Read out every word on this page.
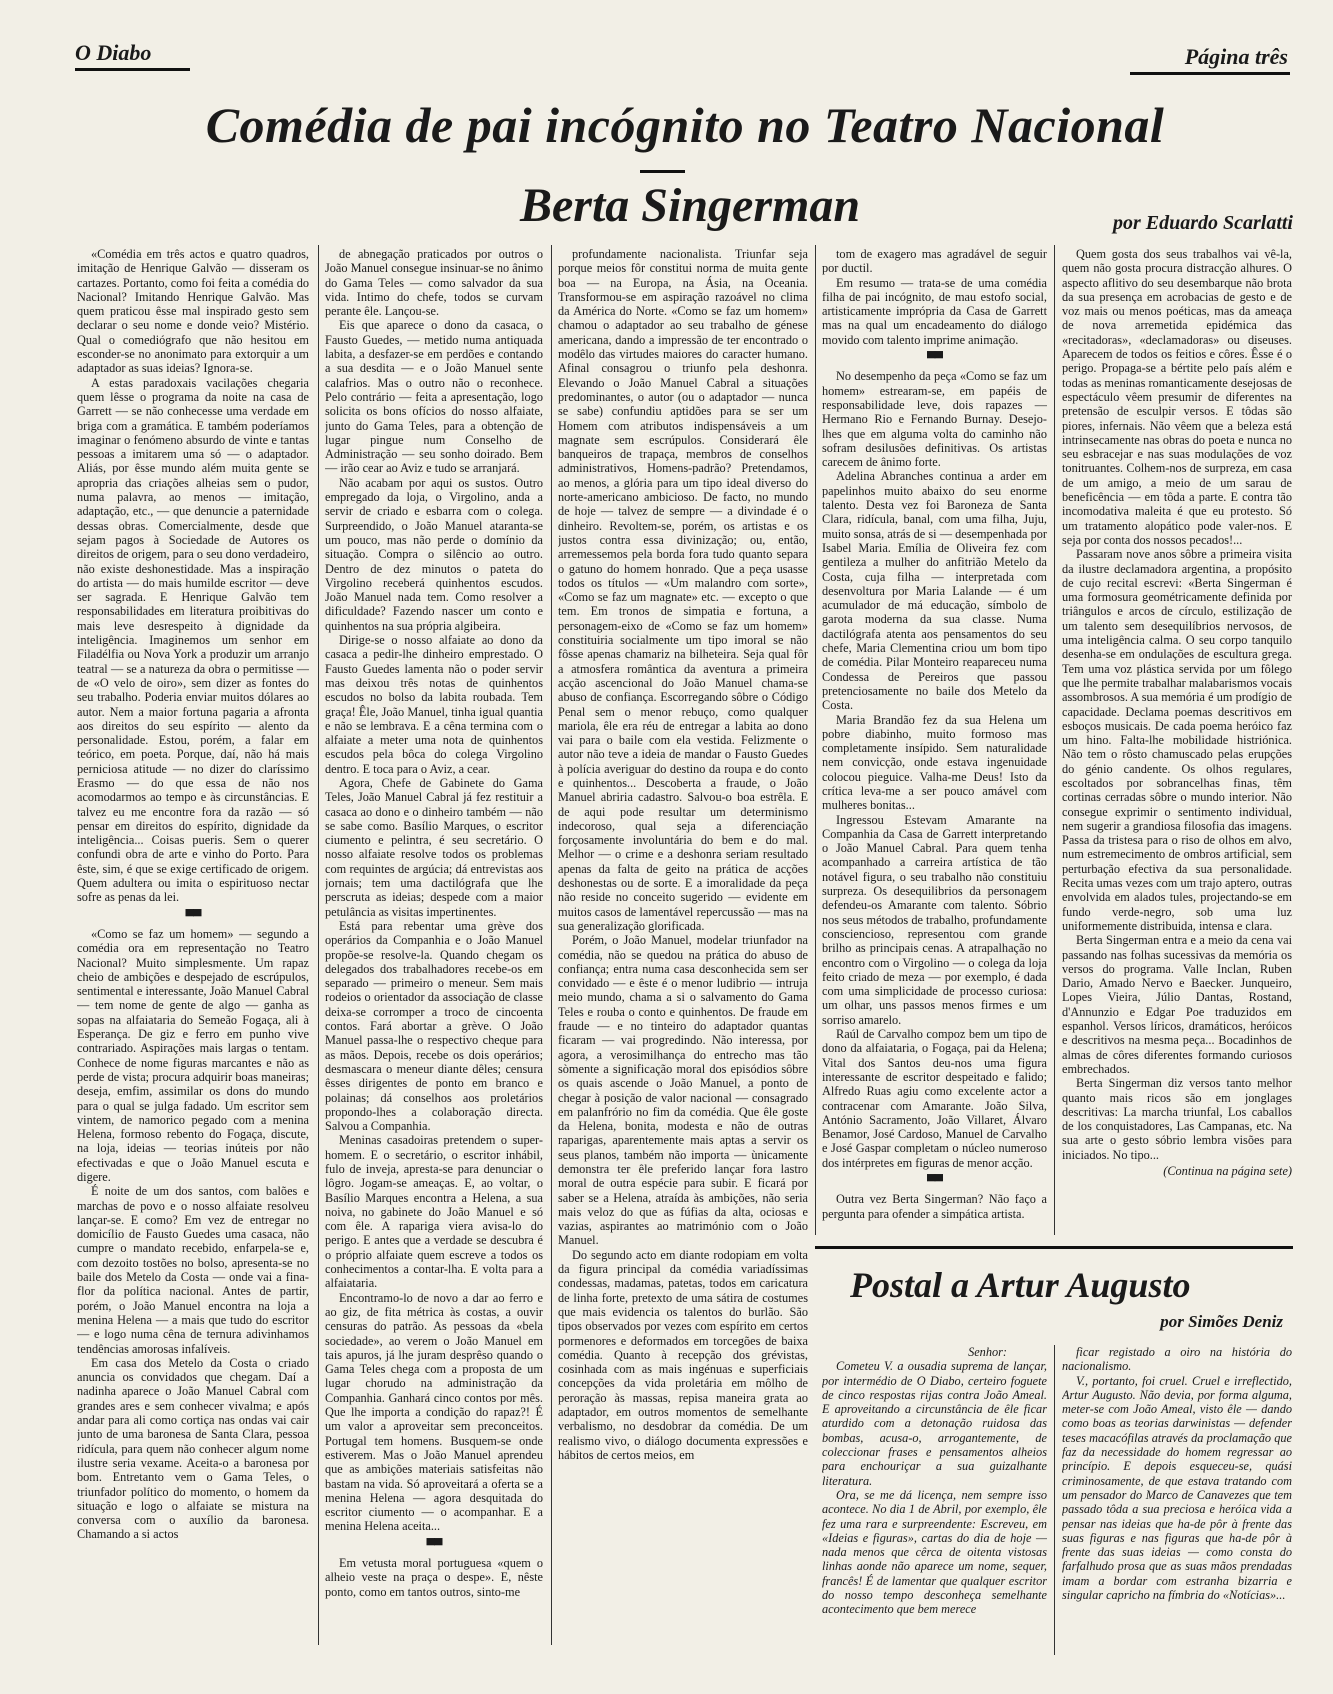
O Diabo	Página três
Comédia de pai incógnito no Teatro Nacional
Berta Singerman	por Eduardo Scarlatti

«Comédia em três actos e quatro quadros, imitação de Henrique Galvão — disseram os cartazes. Portanto, como foi feita a comédia do Nacional? Imitando Henrique Galvão. Mas quem praticou êsse mal inspirado gesto sem declarar o seu nome e donde veio? Mistério. Qual o comediógrafo que não hesitou em esconder-se no anonimato para extorquir a um adaptador as suas ideias? Ignora-se.

A estas paradoxais vacilações chegaria quem lêsse o programa da noite na casa de Garrett — se não conhecesse uma verdade em briga com a gramática. E também poderíamos imaginar o fenómeno absurdo de vinte e tantas pessoas a imitarem uma só — o adaptador. Aliás, por êsse mundo além muita gente se apropria das criações alheias sem o pudor, numa palavra, ao menos — imitação, adaptação, etc., — que denuncie a paternidade dessas obras. Comercialmente, desde que sejam pagos à Sociedade de Autores os direitos de origem, para o seu dono verdadeiro, não existe deshonestidade. Mas a inspiração do artista — do mais humilde escritor — deve ser sagrada. E Henrique Galvão tem responsabilidades em literatura proibitivas do mais leve desrespeito à dignidade da inteligência. Imaginemos um senhor em Filadélfia ou Nova York a produzir um arranjo teatral — se a natureza da obra o permitisse — de «O velo de oiro», sem dizer as fontes do seu trabalho. Poderia enviar muitos dólares ao autor. Nem a maior fortuna pagaria a afronta aos direitos do seu espírito — alento da personalidade. Estou, porém, a falar em teórico, em poeta. Porque, daí, não há mais perniciosa atitude — no dizer do claríssimo Erasmo — do que essa de não nos acomodarmos ao tempo e às circunstâncias. E talvez eu me encontre fora da razão — só pensar em direitos do espírito, dignidade da inteligência... Coisas pueris. Sem o querer confundi obra de arte e vinho do Porto. Para êste, sim, é que se exige certificado de origem. Quem adultera ou imita o espirituoso nectar sofre as penas da lei.

▀▀

«Como se faz um homem» — segundo a comédia ora em representação no Teatro Nacional? Muito simplesmente. Um rapaz cheio de ambições e despejado de escrúpulos, sentimental e interessante, João Manuel Cabral — tem nome de gente de algo — ganha as sopas na alfaiataria do Semeão Fogaça, ali à Esperança. De giz e ferro em punho vive contrariado. Aspirações mais largas o tentam. Conhece de nome figuras marcantes e não as perde de vista; procura adquirir boas maneiras; deseja, emfim, assimilar os dons do mundo para o qual se julga fadado. Um escritor sem vintem, de namorico pegado com a menina Helena, formoso rebento do Fogaça, discute, na loja, ideias — teorias inúteis por não efectivadas e que o João Manuel escuta e digere.

É noite de um dos santos, com balões e marchas de povo e o nosso alfaiate resolveu lançar-se. E como? Em vez de entregar no domicílio de Fausto Guedes uma casaca, não cumpre o mandato recebido, enfarpela-se e, com dezoito tostões no bolso, apresenta-se no baile dos Metelo da Costa — onde vai a fina-flor da política nacional. Antes de partir, porém, o João Manuel encontra na loja a menina Helena — a mais que tudo do escritor — e logo numa cêna de ternura adivinhamos tendências amorosas infalíveis.

Em casa dos Metelo da Costa o criado anuncia os convidados que chegam. Daí a nadinha aparece o João Manuel Cabral com grandes ares e sem conhecer vivalma; e após andar para ali como cortiça nas ondas vai cair junto de uma baronesa de Santa Clara, pessoa ridícula, para quem não conhecer algum nome ilustre seria vexame. Aceita-o a baronesa por bom. Entretanto vem o Gama Teles, o triunfador político do momento, o homem da situação e logo o alfaiate se mistura na conversa com o auxílio da baronesa. Chamando a si actos

de abnegação praticados por outros o João Manuel consegue insinuar-se no ânimo do Gama Teles — como salvador da sua vida. Intimo do chefe, todos se curvam perante êle. Lançou-se.

Eis que aparece o dono da casaca, o Fausto Guedes, — metido numa antiquada labita, a desfazer-se em perdões e contando a sua desdita — e o João Manuel sente calafrios. Mas o outro não o reconhece. Pelo contrário — feita a apresentação, logo solicita os bons ofícios do nosso alfaiate, junto do Gama Teles, para a obtenção de lugar pingue num Conselho de Administração — seu sonho doirado. Bem — irão cear ao Aviz e tudo se arranjará.

Não acabam por aqui os sustos. Outro empregado da loja, o Virgolino, anda a servir de criado e esbarra com o colega. Surpreendido, o João Manuel atarantа-se um pouco, mas não perde o domínio da situação. Compra o silêncio ao outro. Dentro de dez minutos o pateta do Virgolino receberá quinhentos escudos. João Manuel nada tem. Como resolver a dificuldade? Fazendo nascer um conto e quinhentos na sua própria algibeira.

Dirige-se o nosso alfaiate ao dono da casaca a pedir-lhe dinheiro emprestado. O Fausto Guedes lamenta não o poder servir mas deixou três notas de quinhentos escudos no bolso da labita roubada. Tem graça! Êle, João Manuel, tinha igual quantia e não se lembrava. E a cêna termina com o alfaiate a meter uma nota de quinhentos escudos pela bôca do colega Virgolino dentro. E toca para o Aviz, a cear.

Agora, Chefe de Gabinete do Gama Teles, João Manuel Cabral já fez restituir a casaca ao dono e o dinheiro também — não se sabe como. Basílio Marques, o escritor ciumento e pelintra, é seu secretário. O nosso alfaiate resolve todos os problemas com requintes de argúcia; dá entrevistas aos jornais; tem uma dactilógrafa que lhe perscruta as ideias; despede com a maior petulância as visitas impertinentes.

Está para rebentar uma grève dos operários da Companhia e o João Manuel propõe-se resolve-la. Quando chegam os delegados dos trabalhadores recebe-os em separado — primeiro o meneur. Sem mais rodeios o orientador da associação de classe deixa-se corromper a troco de cincoenta contos. Fará abortar a grève. O João Manuel passa-lhe o respectivo cheque para as mãos. Depois, recebe os dois operários; desmascara o meneur diante dêles; censura êsses dirigentes de ponto em branco e polainas; dá conselhos aos proletários propondo-lhes a colaboração directa. Salvou a Companhia.

Meninas casadoiras pretendem o super-homem. E o secretário, o escritor inhábil, fulo de inveja, apresta-se para denunciar o lôgro. Jogam-se ameaças. E, ao voltar, o Basílio Marques encontra a Helena, a sua noiva, no gabinete do João Manuel e só com êle. A rapariga viera avisa-lo do perigo. E antes que a verdade se descubra é o próprio alfaiate quem escreve a todos os conhecimentos a contar-lha. E volta para a alfaiataria.

Encontramo-lo de novo a dar ao ferro e ao giz, de fita métrica às costas, a ouvir censuras do patrão. As pessoas da «bela sociedade», ao verem o João Manuel em tais apuros, já lhe juram desprêso quando o Gama Teles chega com a proposta de um lugar chorudo na administração da Companhia. Ganhará cinco contos por mês. Que lhe importa a condição do rapaz?! É um valor a aproveitar sem preconceitos. Portugal tem homens. Busquem-se onde estiverem. Mas o João Manuel aprendeu que as ambições materiais satisfeitas não bastam na vida. Só aproveitará a oferta se a menina Helena — agora desquitada do escritor ciumento — o acompanhar. E a menina Helena aceita...

▀▀

Em vetusta moral portuguesa «quem o alheio veste na praça o despe». E, nêste ponto, como em tantos outros, sinto-me

profundamente nacionalista. Triunfar seja porque meios fôr constitui norma de muita gente boa — na Europa, na Ásia, na Oceania. Transformou-se em aspiração razoável no clima da América do Norte. «Como se faz um homem» chamou o adaptador ao seu trabalho de génese americana, dando a impressão de ter encontrado o modêlo das virtudes maiores do caracter humano. Afinal consagrou o triunfo pela deshonra. Elevando o João Manuel Cabral a situações predominantes, o autor (ou o adaptador — nunca se sabe) confundiu aptidões para se ser um Homem com atributos indispensáveis a um magnate sem escrúpulos. Considerará êle banqueiros de trapaça, membros de conselhos administrativos, Homens-padrão? Pretendamos, ao menos, a glória para um tipo ideal diverso do norte-americano ambicioso. De facto, no mundo de hoje — talvez de sempre — a divindade é o dinheiro. Revoltem-se, porém, os artistas e os justos contra essa divinização; ou, então, arremessemos pela borda fora tudo quanto separa o gatuno do homem honrado. Que a peça usasse todos os títulos — «Um malandro com sorte», «Como se faz um magnate» etc. — excepto o que tem. Em tronos de simpatia e fortuna, a personagem-eixo de «Como se faz um homem» constituiria socialmente um tipo imoral se não fôsse apenas chamariz na bilheteira. Seja qual fôr a atmosfera romântica da aventura a primeira acção ascencional do João Manuel chama-se abuso de confiança. Escorregando sôbre o Código Penal sem o menor rebuço, como qualquer mariola, êle era réu de entregar a labita ao dono vai para o baile com ela vestida. Felizmente o autor não teve a ideia de mandar o Fausto Guedes à polícia averiguar do destino da roupa e do conto e quinhentos... Descoberta a fraude, o João Manuel abriria cadastro. Salvou-o boa estrêla. E de aqui pode resultar um determinismo indecoroso, qual seja a diferenciação forçosamente involuntária do bem e do mal. Melhor — o crime e a deshonra seriam resultado apenas da falta de geito na prática de acções deshonestas ou de sorte. E a imoralidade da peça não reside no conceito sugerido — evidente em muitos casos de lamentável repercussão — mas na sua generalização glorificada.

Porém, o João Manuel, modelar triunfador na comédia, não se quedou na prática do abuso de confiança; entra numa casa desconhecida sem ser convidado — e êste é o menor ludibrio — intruja meio mundo, chama a si o salvamento do Gama Teles e rouba o conto e quinhentos. De fraude em fraude — e no tinteiro do adaptador quantas ficaram — vai progredindo. Não interessa, por agora, a verosimilhança do entrecho mas tão sòmente a significação moral dos episódios sôbre os quais ascende o João Manuel, a ponto de chegar à posição de valor nacional — consagrado em palanfrório no fim da comédia. Que êle goste da Helena, bonita, modesta e não de outras raparigas, aparentemente mais aptas a servir os seus planos, também não importa — ùnicamente demonstra ter êle preferido lançar fora lastro moral de outra espécie para subir. E ficará por saber se a Helena, atraída às ambições, não seria mais veloz do que as fúfias da alta, ociosas e vazias, aspirantes ao matrimónio com o João Manuel.

Do segundo acto em diante rodopiam em volta da figura principal da comédia variadíssimas condessas, madamas, patetas, todos em caricatura de linha forte, pretexto de uma sátira de costumes que mais evidencia os talentos do burlão. São tipos observados por vezes com espírito em certos pormenores e deformados em torcegões de baixa comédia. Quanto à recepção dos grévistas, cosinhada com as mais ingénuas e superficiais concepções da vida proletária em môlho de peroração às massas, repisa maneira grata ao adaptador, em outros momentos de semelhante verbalismo, no desdobrar da comédia. De um realismo vivo, o diálogo documenta expressões e hábitos de certos meios, em

tom de exagero mas agradável de seguir por ductil.

Em resumo — trata-se de uma comédia filha de pai incógnito, de mau estofo social, artisticamente imprópria da Casa de Garrett mas na qual um encadeamento do diálogo movido com talento imprime animação.

▀▀

No desempenho da peça «Como se faz um homem» estrearam-se, em papéis de responsabilidade leve, dois rapazes — Hermano Rio e Fernando Burnay. Desejo-lhes que em alguma volta do caminho não sofram desilusões definitivas. Os artistas carecem de ânimo forte.

Adelina Abranches continua a arder em papelinhos muito abaixo do seu enorme talento. Desta vez foi Baroneza de Santa Clara, ridícula, banal, com uma filha, Juju, muito sonsa, atrás de si — desempenhada por Isabel Maria. Emília de Oliveira fez com gentileza a mulher do anfitrião Metelo da Costa, cuja filha — interpretada com desenvoltura por Maria Lalande — é um acumulador de má educação, símbolo de garota moderna da sua classe. Numa dactilógrafa atenta aos pensamentos do seu chefe, Maria Clementina criou um bom tipo de comédia. Pilar Monteiro reapareceu numa Condessa de Pereiros que passou pretenciosamente no baile dos Metelo da Costa.

Maria Brandão fez da sua Helena um pobre diabinho, muito formoso mas completamente insípido. Sem naturalidade nem convicção, onde estava ingenuidade colocou pieguice. Valha-me Deus! Isto da crítica leva-me a ser pouco amável com mulheres bonitas...

Ingressou Estevam Amarante na Companhia da Casa de Garrett interpretando o João Manuel Cabral. Para quem tenha acompanhado a carreira artística de tão notável figura, o seu trabalho não constituiu surpreza. Os desequilibrios da personagem defendeu-os Amarante com talento. Sóbrio nos seus métodos de trabalho, profundamente consciencioso, representou com grande brilho as principais cenas. A atrapalhação no encontro com o Virgolino — o colega da loja feito criado de meza — por exemplo, é dada com uma simplicidade de processo curiosa: um olhar, uns passos menos firmes e um sorriso amarelo.

Raúl de Carvalho compoz bem um tipo de dono da alfaiataria, o Fogaça, pai da Helena; Vital dos Santos deu-nos uma figura interessante de escritor despeitado e falido; Alfredo Ruas agiu como excelente actor a contracenar com Amarante. João Silva, António Sacramento, João Villaret, Álvaro Benamor, José Cardoso, Manuel de Carvalho e José Gaspar completam o núcleo numeroso dos intérpretes em figuras de menor acção.

▀▀

Outra vez Berta Singerman? Não faço a pergunta para ofender a simpática artista.

Quem gosta dos seus trabalhos vai vê-la, quem não gosta procura distracção alhures. O aspecto aflitivo do seu desembarque não brota da sua presença em acrobacias de gesto e de voz mais ou menos poéticas, mas da ameaça de nova arremetida epidémica das «recitadoras», «declamadoras» ou diseuses. Aparecem de todos os feitios e côres. Êsse é o perigo. Propaga-se a bértite pelo país além e todas as meninas romanticamente desejosas de espectáculo vêem presumir de diferentes na pretensão de esculpir versos. E tôdas são piores, infernais. Não vêem que a beleza está intrinsecamente nas obras do poeta e nunca no seu esbracejar e nas suas modulações de voz tonitruantes. Colhem-nos de surpreza, em casa de um amigo, a meio de um sarau de beneficência — em tôda a parte. E contra tão incomodativa maleita é que eu protesto. Só um tratamento alopático pode valer-nos. E seja por conta dos nossos pecados!...

Passaram nove anos sôbre a primeira visita da ilustre declamadora argentina, a propósito de cujo recital escrevi: «Berta Singerman é uma formosura geométricamente definida por triângulos e arcos de círculo, estilização de um talento sem desequilíbrios nervosos, de uma inteligência calma. O seu corpo tanquilo desenha-se em ondulações de escultura grega. Tem uma voz plástica servida por um fôlego que lhe permite trabalhar malabarismos vocais assombrosos. A sua memória é um prodígio de capacidade. Declama poemas descritivos em esboços musicais. De cada poema heróico faz um hino. Falta-lhe mobilidade histriónica. Não tem o rôsto chamuscado pelas erupções do génio candente. Os olhos regulares, escoltados por sobrancelhas finas, têm cortinas cerradas sôbre o mundo interior. Não consegue exprimir o sentimento individual, nem sugerir a grandiosa filosofia das imagens. Passa da tristesa para o riso de olhos em alvo, num estremecimento de ombros artificial, sem perturbação efectiva da sua personalidade. Recita umas vezes com um trajo aptero, outras envolvida em alados tules, projectando-se em fundo verde-negro, sob uma luz uniformemente distribuida, intensa e clara.

Berta Singerman entra e a meio da cena vai passando nas folhas sucessivas da memória os versos do programa. Valle Inclan, Ruben Dario, Amado Nervo e Baecker. Junqueiro, Lopes Vieira, Júlio Dantas, Rostand, d'Annunzio e Edgar Poe traduzidos em espanhol. Versos líricos, dramáticos, heróicos e descritivos na mesma peça... Bocadinhos de almas de côres diferentes formando curiosos embrechados.

Berta Singerman diz versos tanto melhor quanto mais ricos são em jonglages descritivas: La marcha triunfal, Los caballos de los conquistadores, Las Campanas, etc. Na sua arte o gesto sóbrio lembra visões para iniciados. No tipo...

(Continua na página sete)
Postal a Artur Augusto
por Simões Deniz
Senhor:

Cometeu V. a ousadia suprema de lançar, por intermédio de O Diabo, certeiro foguete de cinco respostas rijas contra João Ameal. E aproveitando a circunstância de êle ficar aturdido com a detonação ruidosa das bombas, acusa-o, arrogantemente, de coleccionar frases e pensamentos alheios para enchouriçar a sua guizalhante literatura.

Ora, se me dá licença, nem sempre isso acontece. No dia 1 de Abril, por exemplo, êle fez uma rara e surpreendente: Escreveu, em «Ideias e figuras», cartas do dia de hoje — nada menos que cêrca de oitenta vistosas linhas aonde não aparece um nome, sequer, francês! É de lamentar que qualquer escritor do nosso tempo desconheça semelhante acontecimento que bem merece

ficar registado a oiro na história do nacionalismo.

V., portanto, foi cruel. Cruel e irreflectido, Artur Augusto. Não devia, por forma alguma, meter-se com João Ameal, visto êle — dando como boas as teorias darwinistas — defender teses macacófilas através da proclamação que faz da necessidade do homem regressar ao princípio. E depois esqueceu-se, quási criminosamente, de que estava tratando com um pensador do Marco de Canavezes que tem passado tôda a sua preciosa e heróica vida a pensar nas ideias que ha-de pôr à frente das suas figuras e nas figuras que ha-de pôr à frente das suas ideias — como consta do farfalhudo prosa que as suas mãos prendadas imam a bordar com estranha bizarria e singular capricho na fímbria do «Notícias»...
